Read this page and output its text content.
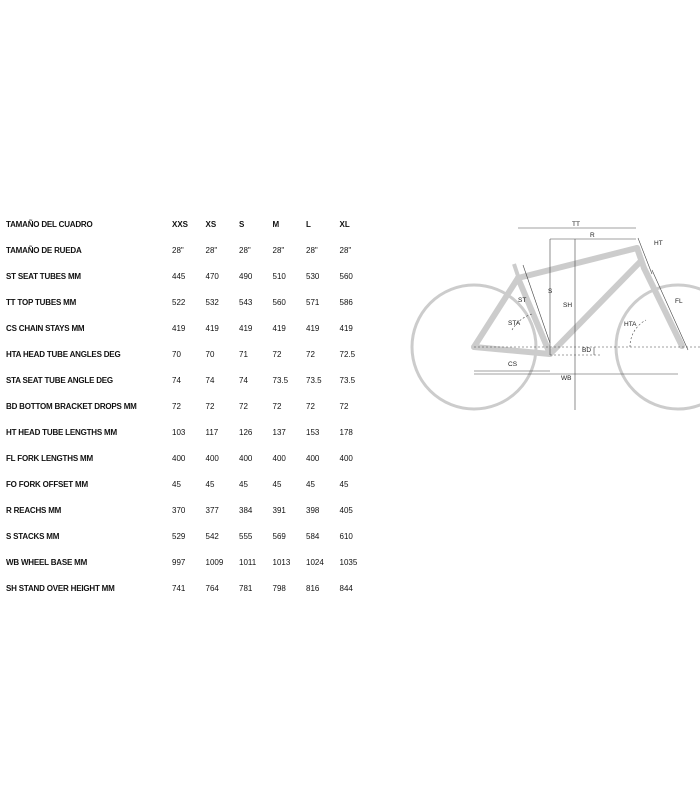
TAMAÑO DEL CUADRO	XXS	XS	S	M	L	XL
TAMAÑO DE RUEDA	28"	28"	28"	28"	28"	28"
ST SEAT TUBES MM	445	470	490	510	530	560
TT TOP TUBES MM	522	532	543	560	571	586
CS CHAIN STAYS MM	419	419	419	419	419	419
HTA HEAD TUBE ANGLES DEG	70	70	71	72	72	72.5
STA SEAT TUBE ANGLE DEG	74	74	74	73.5	73.5	73.5
BD BOTTOM BRACKET DROPS MM	72	72	72	72	72	72
HT HEAD TUBE LENGTHS MM	103	117	126	137	153	178
FL FORK LENGTHS MM	400	400	400	400	400	400
FO FORK OFFSET MM	45	45	45	45	45	45
R REACHS MM	370	377	384	391	398	405
S STACKS MM	529	542	555	569	584	610
WB WHEEL BASE MM	997	1009	1011	1013	1024	1035
SH STAND OVER HEIGHT MM	741	764	781	798	816	844
TT
R
HT
ST
S
SH
FL
STA	HTA
BD
CS
WB
